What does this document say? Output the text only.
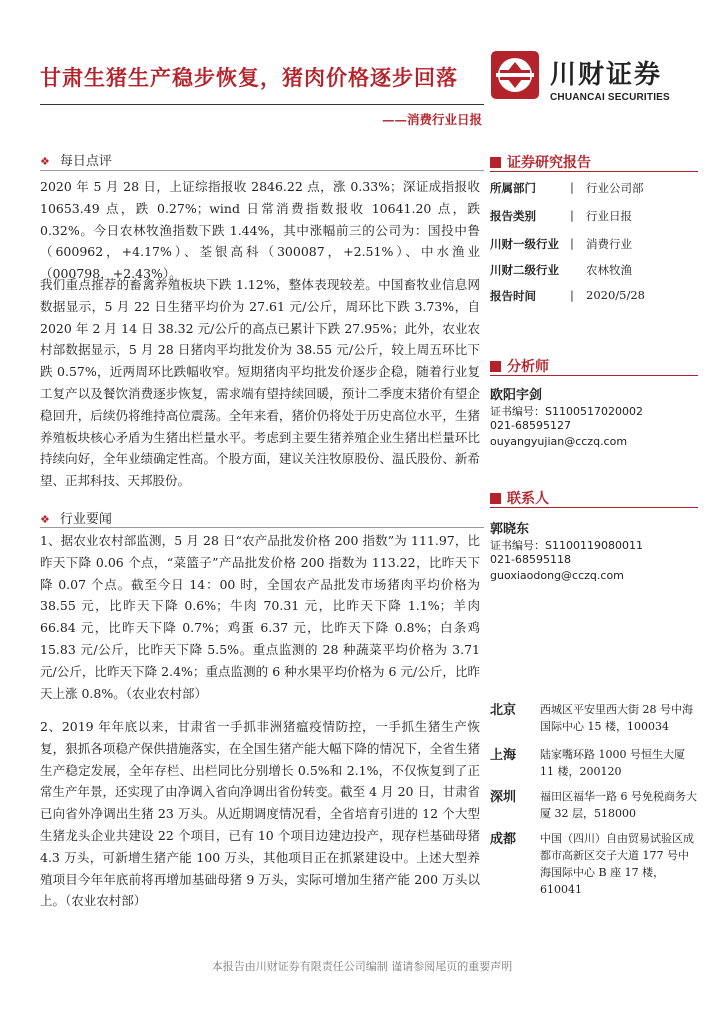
甘肃生猪生产稳步恢复，猪肉价格逐步回落
——消费行业日报
川财证券
CHUANCAI SECURITIES
❖ 每日点评
2020 年 5 月 28 日，上证综指报收 2846.22 点，涨 0.33%；深证成指报收 10653.49 点，跌 0.27%；wind 日常消费指数报收 10641.20 点，跌 0.32%。今日农林牧渔指数下跌 1.44%，其中涨幅前三的公司为：国投中鲁（600962，+4.17%）、荃银高科（300087，+2.51%）、中水渔业（000798，+2.43%）。
我们重点推荐的畜禽养殖板块下跌 1.12%，整体表现较差。中国畜牧业信息网数据显示，5 月 22 日生猪平均价为 27.61 元/公斤，周环比下跌 3.73%，自 2020 年 2 月 14 日 38.32 元/公斤的高点已累计下跌 27.95%；此外，农业农村部数据显示，5 月 28 日猪肉平均批发价为 38.55 元/公斤，较上周五环比下跌 0.57%，近两周环比跌幅收窄。短期猪肉平均批发价逐步企稳，随着行业复工复产以及餐饮消费逐步恢复，需求端有望持续回暖，预计二季度末猪价有望企稳回升，后续仍将维持高位震荡。全年来看，猪价仍将处于历史高位水平，生猪养殖板块核心矛盾为生猪出栏量水平。考虑到主要生猪养殖企业生猪出栏量环比持续向好，全年业绩确定性高。个股方面，建议关注牧原股份、温氏股份、新希望、正邦科技、天邦股份。
❖ 行业要闻
1、据农业农村部监测，5 月 28 日“农产品批发价格 200 指数”为 111.97，比昨天下降 0.06 个点，“菜篮子”产品批发价格 200 指数为 113.22，比昨天下降 0.07 个点。截至今日 14：00 时，全国农产品批发市场猪肉平均价格为 38.55 元，比昨天下降 0.6%；牛肉 70.31 元，比昨天下降 1.1%；羊肉 66.84 元，比昨天下降 0.7%；鸡蛋 6.37 元，比昨天下降 0.8%；白条鸡 15.83 元/公斤，比昨天下降 5.5%。重点监测的 28 种蔬菜平均价格为 3.71 元/公斤，比昨天下降 2.4%；重点监测的 6 种水果平均价格为 6 元/公斤，比昨天上涨 0.8%。（农业农村部）
2、2019 年年底以来，甘肃省一手抓非洲猪瘟疫情防控，一手抓生猪生产恢复，狠抓各项稳产保供措施落实，在全国生猪产能大幅下降的情况下，全省生猪生产稳定发展，全年存栏、出栏同比分别增长 0.5%和 2.1%，不仅恢复到了正常生产年景，还实现了由净调入省向净调出省份转变。截至 4 月 20 日，甘肃省已向省外净调出生猪 23 万头。从近期调度情况看，全省培育引进的 12 个大型生猪龙头企业共建设 22 个项目，已有 10 个项目边建边投产，现存栏基础母猪 4.3 万头，可新增生猪产能 100 万头，其他项目正在抓紧建设中。上述大型养殖项目今年年底前将再增加基础母猪 9 万头，实际可增加生猪产能 200 万头以上。（农业农村部）
证券研究报告
所属部门	| 行业公司部
报告类别	| 行业日报
川财一级行业 | 消费行业
川财二级行业 农林牧渔
报告时间	| 2020/5/28
分析师
欧阳宇剑
证书编号：S1100517020002
021-68595127
ouyangyujian@cczq.com
联系人
郭晓东
证书编号：S1100119080011
021-68595118
guoxiaodong@cczq.com
北京 西城区平安里西大街 28 号中海国际中心 15 楼，100034
上海 陆家嘴环路 1000 号恒生大厦 11 楼，200120
深圳 福田区福华一路 6 号免税商务大厦 32 层，518000
成都 中国（四川）自由贸易试验区成都市高新区交子大道 177 号中海国际中心 B 座 17 楼，610041
本报告由川财证券有限责任公司编制 谨请参阅尾页的重要声明
